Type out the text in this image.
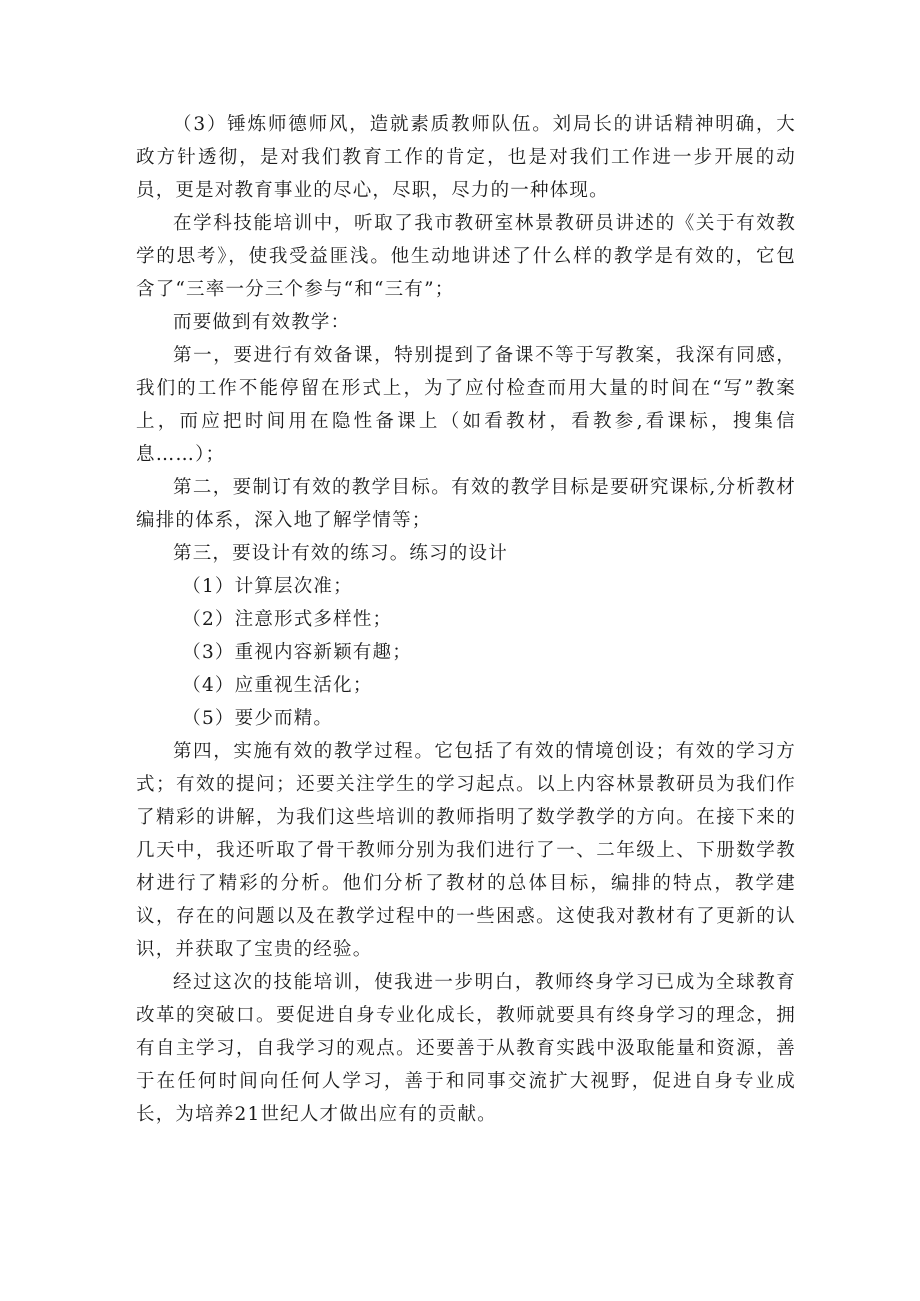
（3）锤炼师德师风，造就素质教师队伍。刘局长的讲话精神明确，大政方针透彻，是对我们教育工作的肯定，也是对我们工作进一步开展的动员，更是对教育事业的尽心，尽职，尽力的一种体现。

在学科技能培训中，听取了我市教研室林景教研员讲述的《关于有效教学的思考》，使我受益匪浅。他生动地讲述了什么样的教学是有效的，它包含了“三率一分三个参与“和“三有”；

而要做到有效教学：

第一，要进行有效备课，特别提到了备课不等于写教案，我深有同感，我们的工作不能停留在形式上，为了应付检查而用大量的时间在“写”教案上，而应把时间用在隐性备课上（如看教材，看教参,看课标，搜集信息……）；

第二，要制订有效的教学目标。有效的教学目标是要研究课标,分析教材编排的体系，深入地了解学情等；

第三，要设计有效的练习。练习的设计

（1）计算层次准；

（2）注意形式多样性；

（3）重视内容新颖有趣；

（4）应重视生活化；

（5）要少而精。

第四，实施有效的教学过程。它包括了有效的情境创设；有效的学习方式；有效的提问；还要关注学生的学习起点。以上内容林景教研员为我们作了精彩的讲解，为我们这些培训的教师指明了数学教学的方向。在接下来的几天中，我还听取了骨干教师分别为我们进行了一、二年级上、下册数学教材进行了精彩的分析。他们分析了教材的总体目标，编排的特点，教学建议，存在的问题以及在教学过程中的一些困惑。这使我对教材有了更新的认识，并获取了宝贵的经验。

经过这次的技能培训，使我进一步明白，教师终身学习已成为全球教育改革的突破口。要促进自身专业化成长，教师就要具有终身学习的理念，拥有自主学习，自我学习的观点。还要善于从教育实践中汲取能量和资源，善于在任何时间向任何人学习，善于和同事交流扩大视野，促进自身专业成长，为培养21世纪人才做出应有的贡献。
